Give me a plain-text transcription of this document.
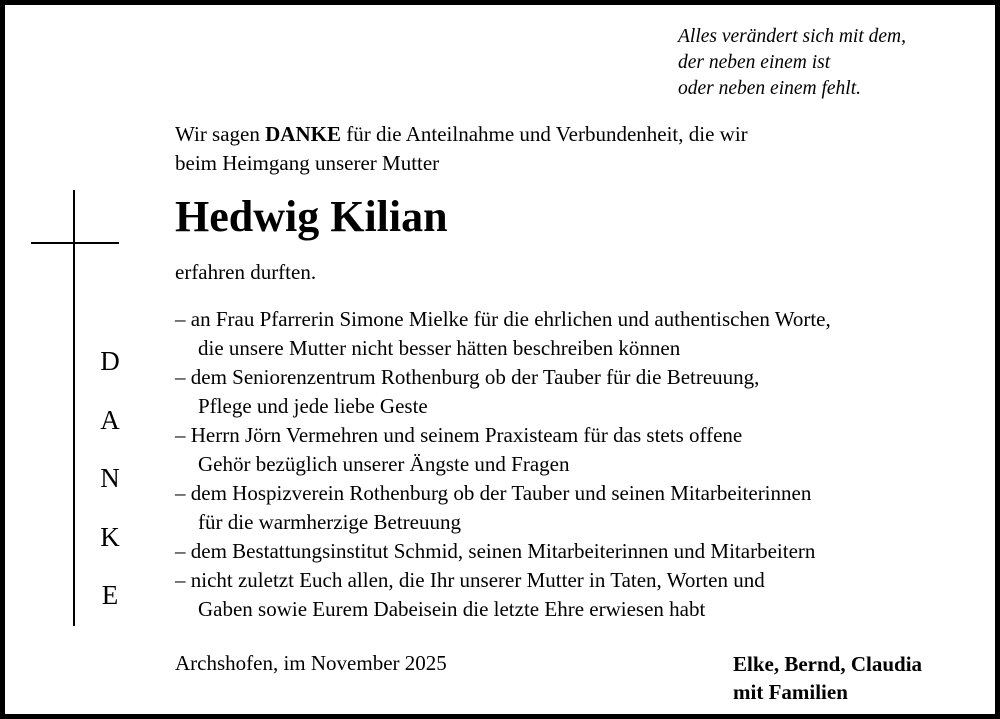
Alles verändert sich mit dem,
der neben einem ist
oder neben einem fehlt.
Wir sagen DANKE für die Anteilnahme und Verbundenheit, die wir
beim Heimgang unserer Mutter
Hedwig Kilian
erfahren durften.
– an Frau Pfarrerin Simone Mielke für die ehrlichen und authentischen Worte,
die unsere Mutter nicht besser hätten beschreiben können
– dem Seniorenzentrum Rothenburg ob der Tauber für die Betreuung,
Pflege und jede liebe Geste
– Herrn Jörn Vermehren und seinem Praxisteam für das stets offene
Gehör bezüglich unserer Ängste und Fragen
– dem Hospizverein Rothenburg ob der Tauber und seinen Mitarbeiterinnen
für die warmherzige Betreuung
– dem Bestattungsinstitut Schmid, seinen Mitarbeiterinnen und Mitarbeitern
– nicht zuletzt Euch allen, die Ihr unserer Mutter in Taten, Worten und
Gaben sowie Eurem Dabeisein die letzte Ehre erwiesen habt
D
A
N
K
E
Archshofen, im November 2025	Elke, Bernd, Claudia
mit Familien
